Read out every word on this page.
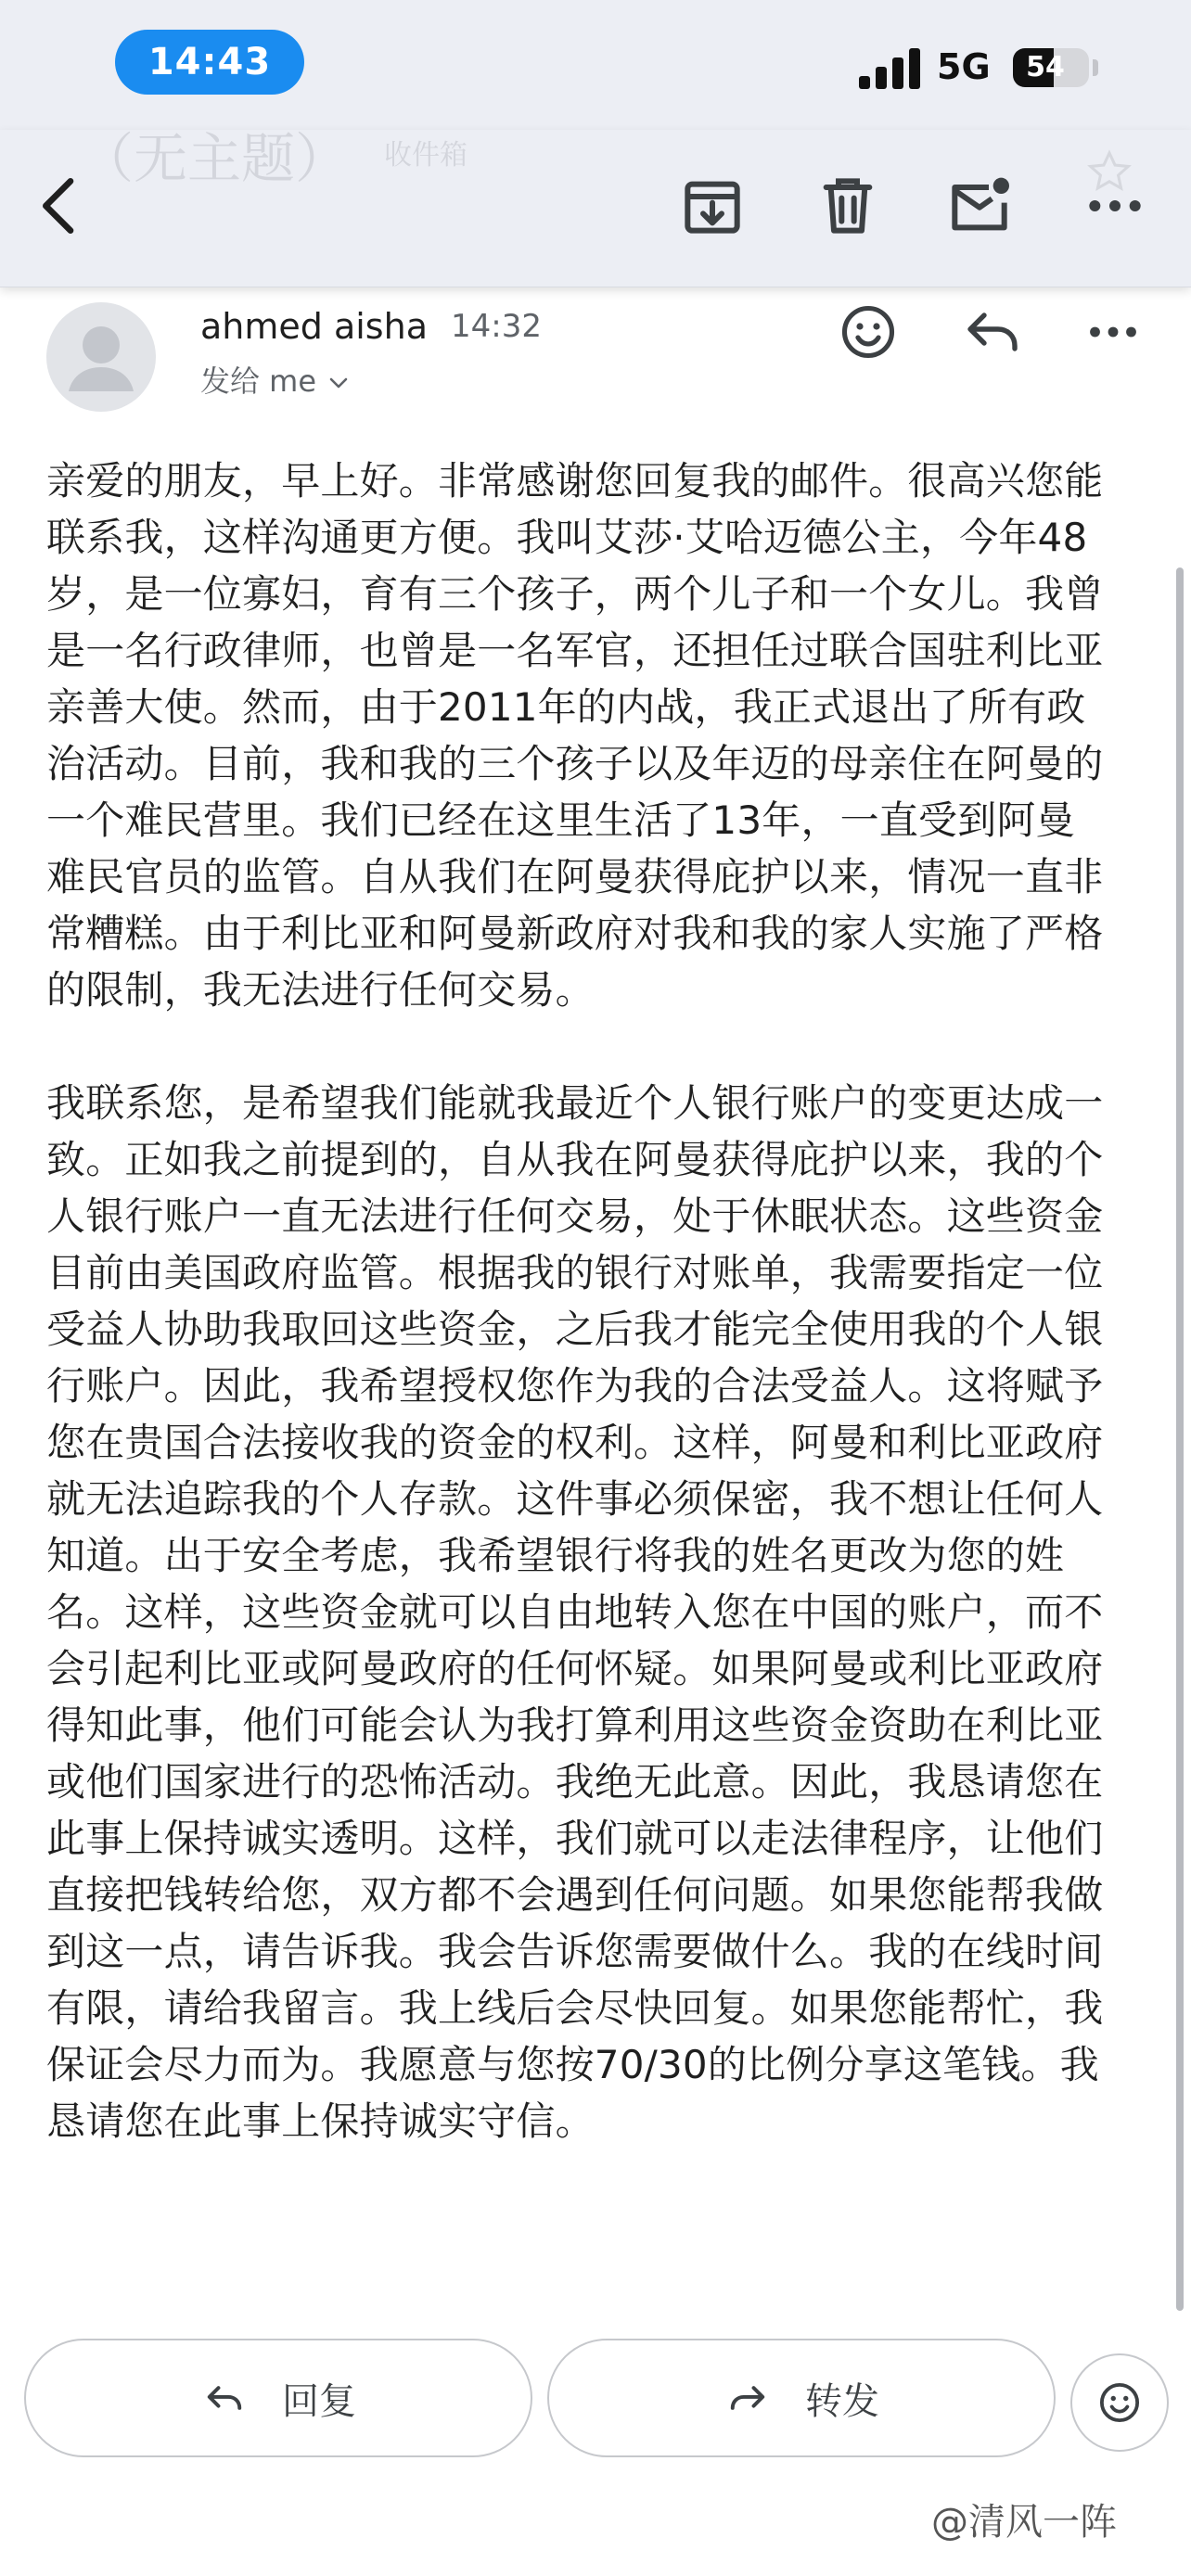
14:43	5G	54
（无主题） 收件箱
ahmed aisha 14:32
发给 me

亲爱的朋友，早上好。非常感谢您回复我的邮件。很高兴您能联系我，这样沟通更方便。我叫艾莎·艾哈迈德公主，今年48岁，是一位寡妇，育有三个孩子，两个儿子和一个女儿。我曾是一名行政律师，也曾是一名军官，还担任过联合国驻利比亚亲善大使。然而，由于2011年的内战，我正式退出了所有政治活动。目前，我和我的三个孩子以及年迈的母亲住在阿曼的一个难民营里。我们已经在这里生活了13年，一直受到阿曼难民官员的监管。自从我们在阿曼获得庇护以来，情况一直非常糟糕。由于利比亚和阿曼新政府对我和我的家人实施了严格的限制，我无法进行任何交易。

我联系您，是希望我们能就我最近个人银行账户的变更达成一致。正如我之前提到的，自从我在阿曼获得庇护以来，我的个人银行账户一直无法进行任何交易，处于休眠状态。这些资金目前由美国政府监管。根据我的银行对账单，我需要指定一位受益人协助我取回这些资金，之后我才能完全使用我的个人银行账户。因此，我希望授权您作为我的合法受益人。这将赋予您在贵国合法接收我的资金的权利。这样，阿曼和利比亚政府就无法追踪我的个人存款。这件事必须保密，我不想让任何人知道。出于安全考虑，我希望银行将我的姓名更改为您的姓名。这样，这些资金就可以自由地转入您在中国的账户，而不会引起利比亚或阿曼政府的任何怀疑。如果阿曼或利比亚政府得知此事，他们可能会认为我打算利用这些资金资助在利比亚或他们国家进行的恐怖活动。我绝无此意。因此，我恳请您在此事上保持诚实透明。这样，我们就可以走法律程序，让他们直接把钱转给您，双方都不会遇到任何问题。如果您能帮我做到这一点，请告诉我。我会告诉您需要做什么。我的在线时间有限，请给我留言。我上线后会尽快回复。如果您能帮忙，我保证会尽力而为。我愿意与您按70/30的比例分享这笔钱。我恳请您在此事上保持诚实守信。

回复	转发
@清风一阵
